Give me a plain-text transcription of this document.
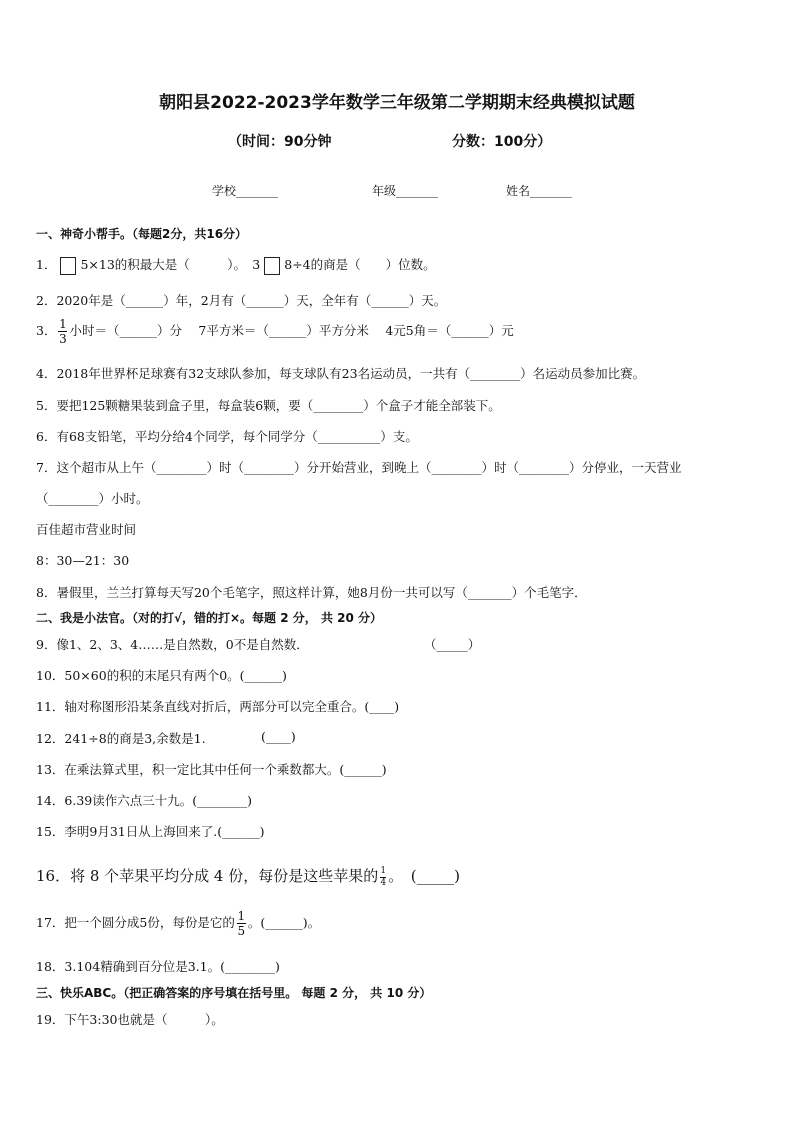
朝阳县2022-2023学年数学三年级第二学期期末经典模拟试题
（时间：90分钟	分数：100分）
学校_______	年级_______	姓名_______
一、神奇小帮手。（每题2分，共16分）
1． 5×13的积最大是（　　　）。　3 8÷4的商是（　　）位数。
2．2020年是（______）年，2月有（______）天，全年有（______）天。
3． $\frac{1}{3}$ 小时＝（______）分　 7平方米＝（______）平方分米　 4元5角＝（______）元
4．2018年世界杯足球赛有32支球队参加，每支球队有23名运动员，一共有（________）名运动员参加比赛。
5．要把125颗糖果装到盒子里，每盒装6颗，要（________）个盒子才能全部装下。
6．有68支铅笔，平均分给4个同学，每个同学分（__________）支。
7．这个超市从上午（________）时（________）分开始营业，到晚上（________）时（________）分停业，一天营业
（________）小时。
百佳超市营业时间
8：30—21：30
8．暑假里，兰兰打算每天写20个毛笔字，照这样计算，她8月份一共可以写（_______）个毛笔字．
二、我是小法官。（对的打√，错的打×。每题 2 分， 共 20 分）
9．像1、2、3、4……是自然数，0不是自然数．	（_____）
10．50×60的积的末尾只有两个0。(______)
11．轴对称图形沿某条直线对折后，两部分可以完全重合。(____)
12．241÷8的商是3,余数是1.	(____)
13．在乘法算式里，积一定比其中任何一个乘数都大。(______)
14．6.39读作六点三十九。(________)
15．李明9月31日从上海回来了.(______)
16．将 8 个苹果平均分成 4 份，每份是这些苹果的 $\frac{1}{4}$ 。　(_____)
17．把一个圆分成5份，每份是它的 $\frac{1}{5}$ 。(______)。
18．3.104精确到百分位是3.1。(________)
三、快乐ABC。（把正确答案的序号填在括号里。 每题 2 分， 共 10 分）
19．下午3:30也就是（　　　）。
